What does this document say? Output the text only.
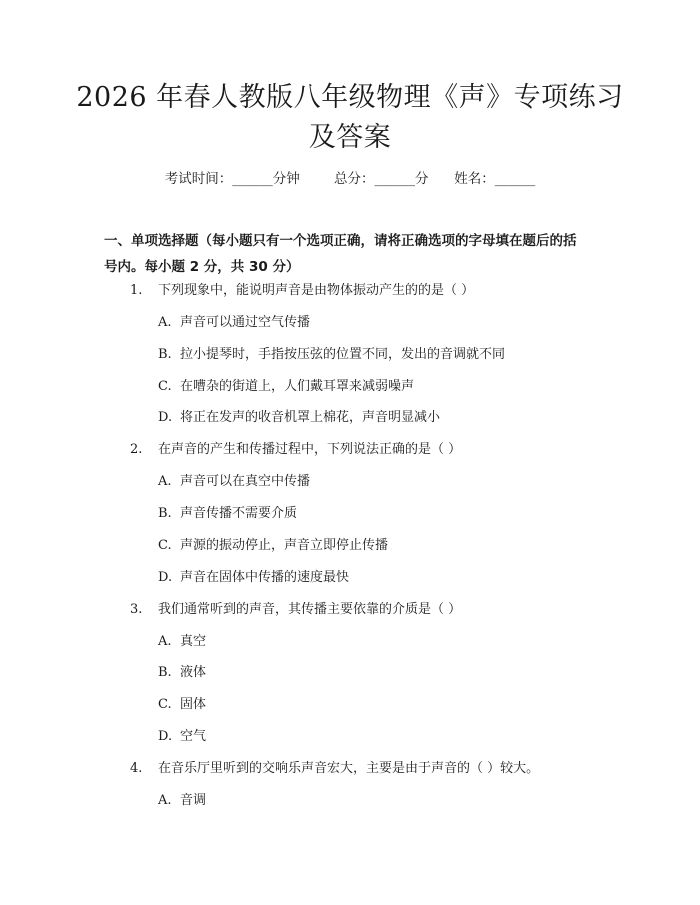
2026 年春人教版八年级物理《声》专项练习
及答案
考试时间：______分钟	总分：______分 姓名：______
一、单项选择题（每小题只有一个选项正确，请将正确选项的字母填在题后的括
号内。每小题 2 分，共 30 分）
1. 下列现象中，能说明声音是由物体振动产生的的是（ ）
A. 声音可以通过空气传播
B. 拉小提琴时，手指按压弦的位置不同，发出的音调就不同
C. 在嘈杂的街道上，人们戴耳罩来减弱噪声
D. 将正在发声的收音机罩上棉花，声音明显减小
2. 在声音的产生和传播过程中，下列说法正确的是（ ）
A. 声音可以在真空中传播
B. 声音传播不需要介质
C. 声源的振动停止，声音立即停止传播
D. 声音在固体中传播的速度最快
3. 我们通常听到的声音，其传播主要依靠的介质是（ ）
A. 真空
B. 液体
C. 固体
D. 空气
4. 在音乐厅里听到的交响乐声音宏大，主要是由于声音的（ ）较大。
A. 音调
